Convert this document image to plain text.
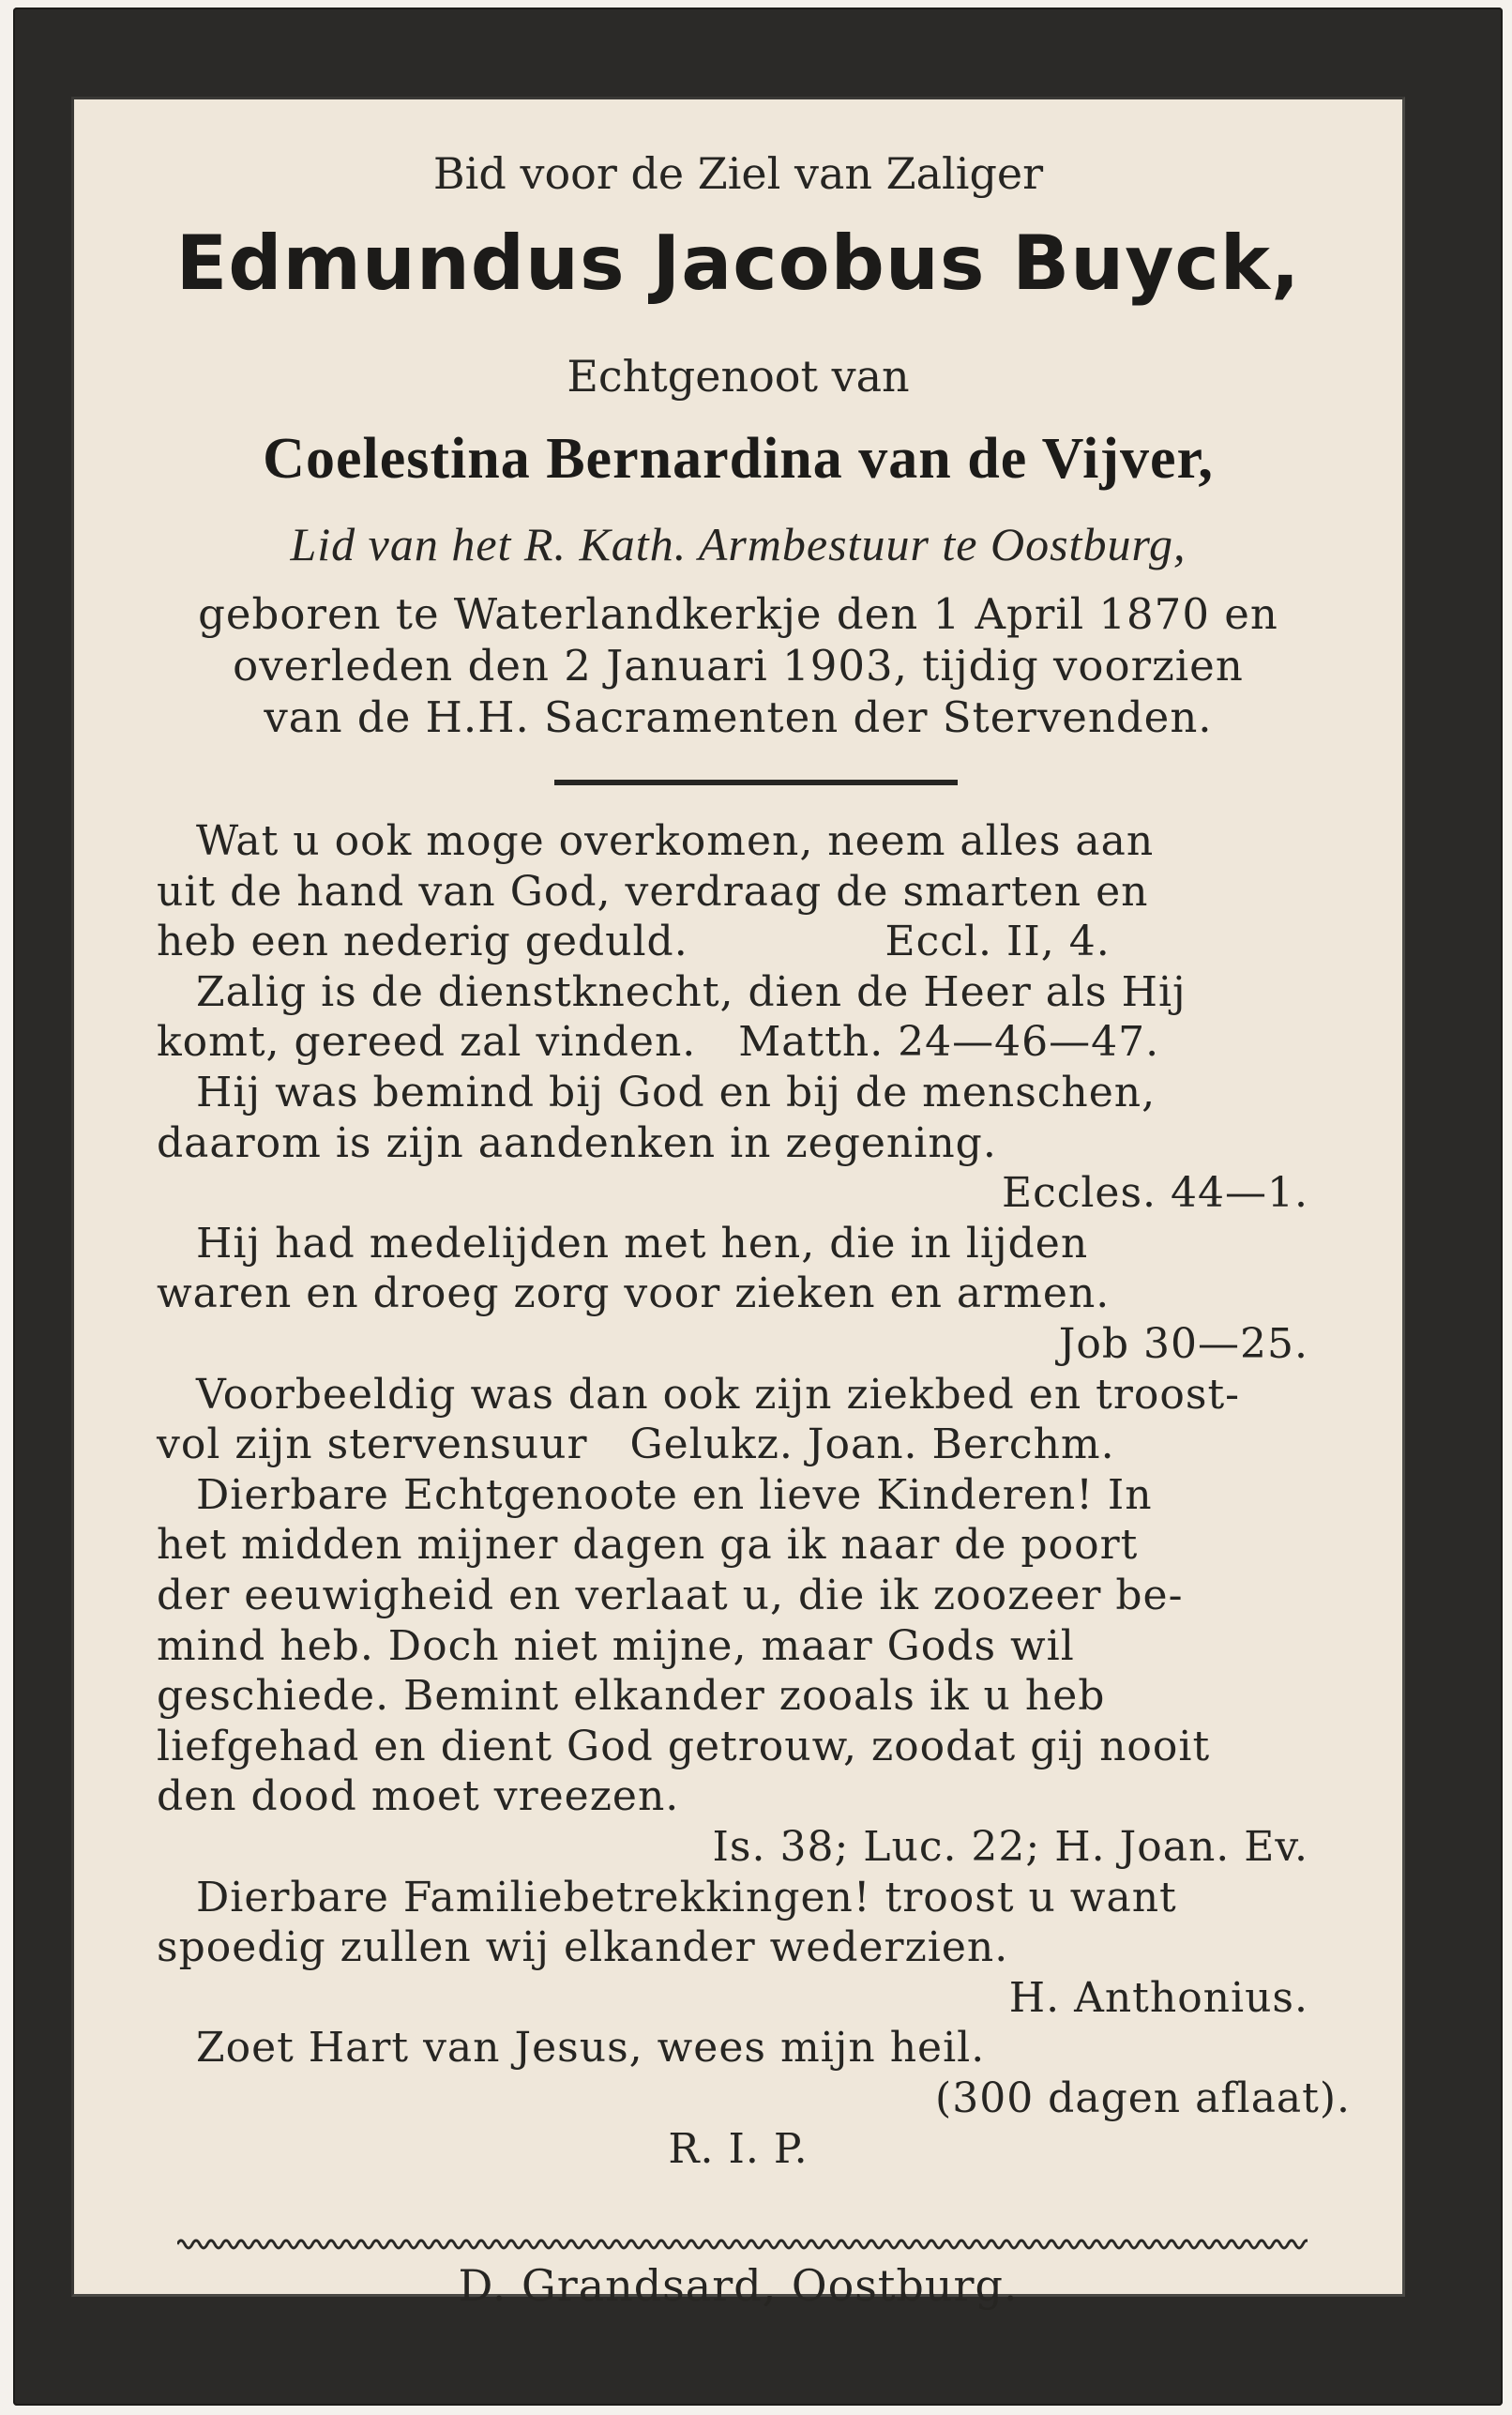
Bid voor de Ziel van Zaliger
Edmundus Jacobus Buyck,
Echtgenoot van
Coelestina Bernardina van de Vijver,
Lid van het R. Kath. Armbestuur te Oostburg,
geboren te Waterlandkerkje den 1 April 1870 en
overleden den 2 Januari 1903, tijdig voorzien
van de H.H. Sacramenten der Stervenden.
Wat u ook moge overkomen, neem alles aan
uit de hand van God, verdraag de smarten en
heb een nederig geduld.              Eccl. II, 4.
Zalig is de dienstknecht, dien de Heer als Hij
komt, gereed zal vinden.   Matth. 24—46—47.
Hij was bemind bij God en bij de menschen,
daarom is zijn aandenken in zegening.
Eccles. 44—1.
Hij had medelijden met hen, die in lijden
waren en droeg zorg voor zieken en armen.
Job 30—25.
Voorbeeldig was dan ook zijn ziekbed en troost-
vol zijn stervensuur   Gelukz. Joan. Berchm.
Dierbare Echtgenoote en lieve Kinderen! In
het midden mijner dagen ga ik naar de poort
der eeuwigheid en verlaat u, die ik zoozeer be-
mind heb. Doch niet mijne, maar Gods wil
geschiede. Bemint elkander zooals ik u heb
liefgehad en dient God getrouw, zoodat gij nooit
den dood moet vreezen.
Is. 38; Luc. 22; H. Joan. Ev.
Dierbare Familiebetrekkingen! troost u want
spoedig zullen wij elkander wederzien.
H. Anthonius.
Zoet Hart van Jesus, wees mijn heil.
(300 dagen aflaat).
R. I. P.
D. Grandsard, Oostburg.
